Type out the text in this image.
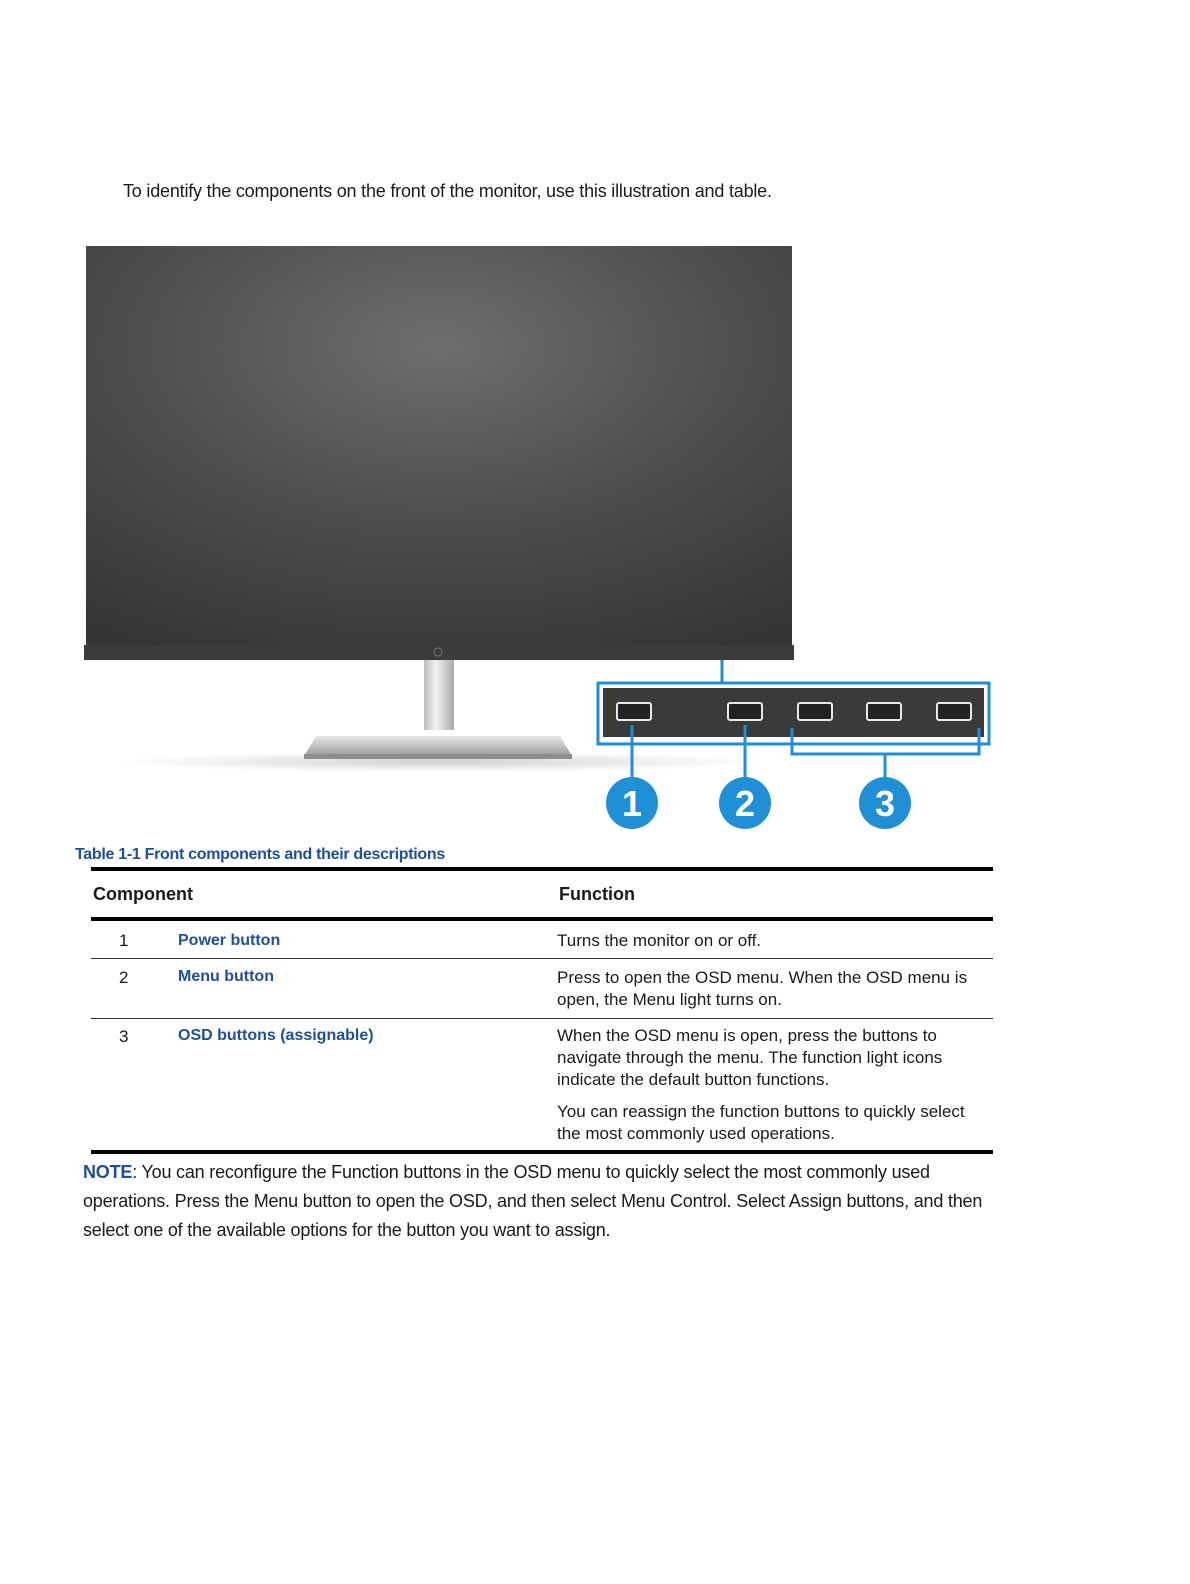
To identify the components on the front of the monitor, use this illustration and table.
1	2	3
Table 1-1 Front components and their descriptions
Component	Function
1	Power button	Turns the monitor on or off.
2	Menu button	Press to open the OSD menu. When the OSD menu is open, the Menu light turns on.
3	OSD buttons (assignable)	When the OSD menu is open, press the buttons to navigate through the menu. The function light icons indicate the default button functions.
You can reassign the function buttons to quickly select the most commonly used operations.
NOTE: You can reconfigure the Function buttons in the OSD menu to quickly select the most commonly used operations. Press the Menu button to open the OSD, and then select Menu Control. Select Assign buttons, and then select one of the available options for the button you want to assign.
